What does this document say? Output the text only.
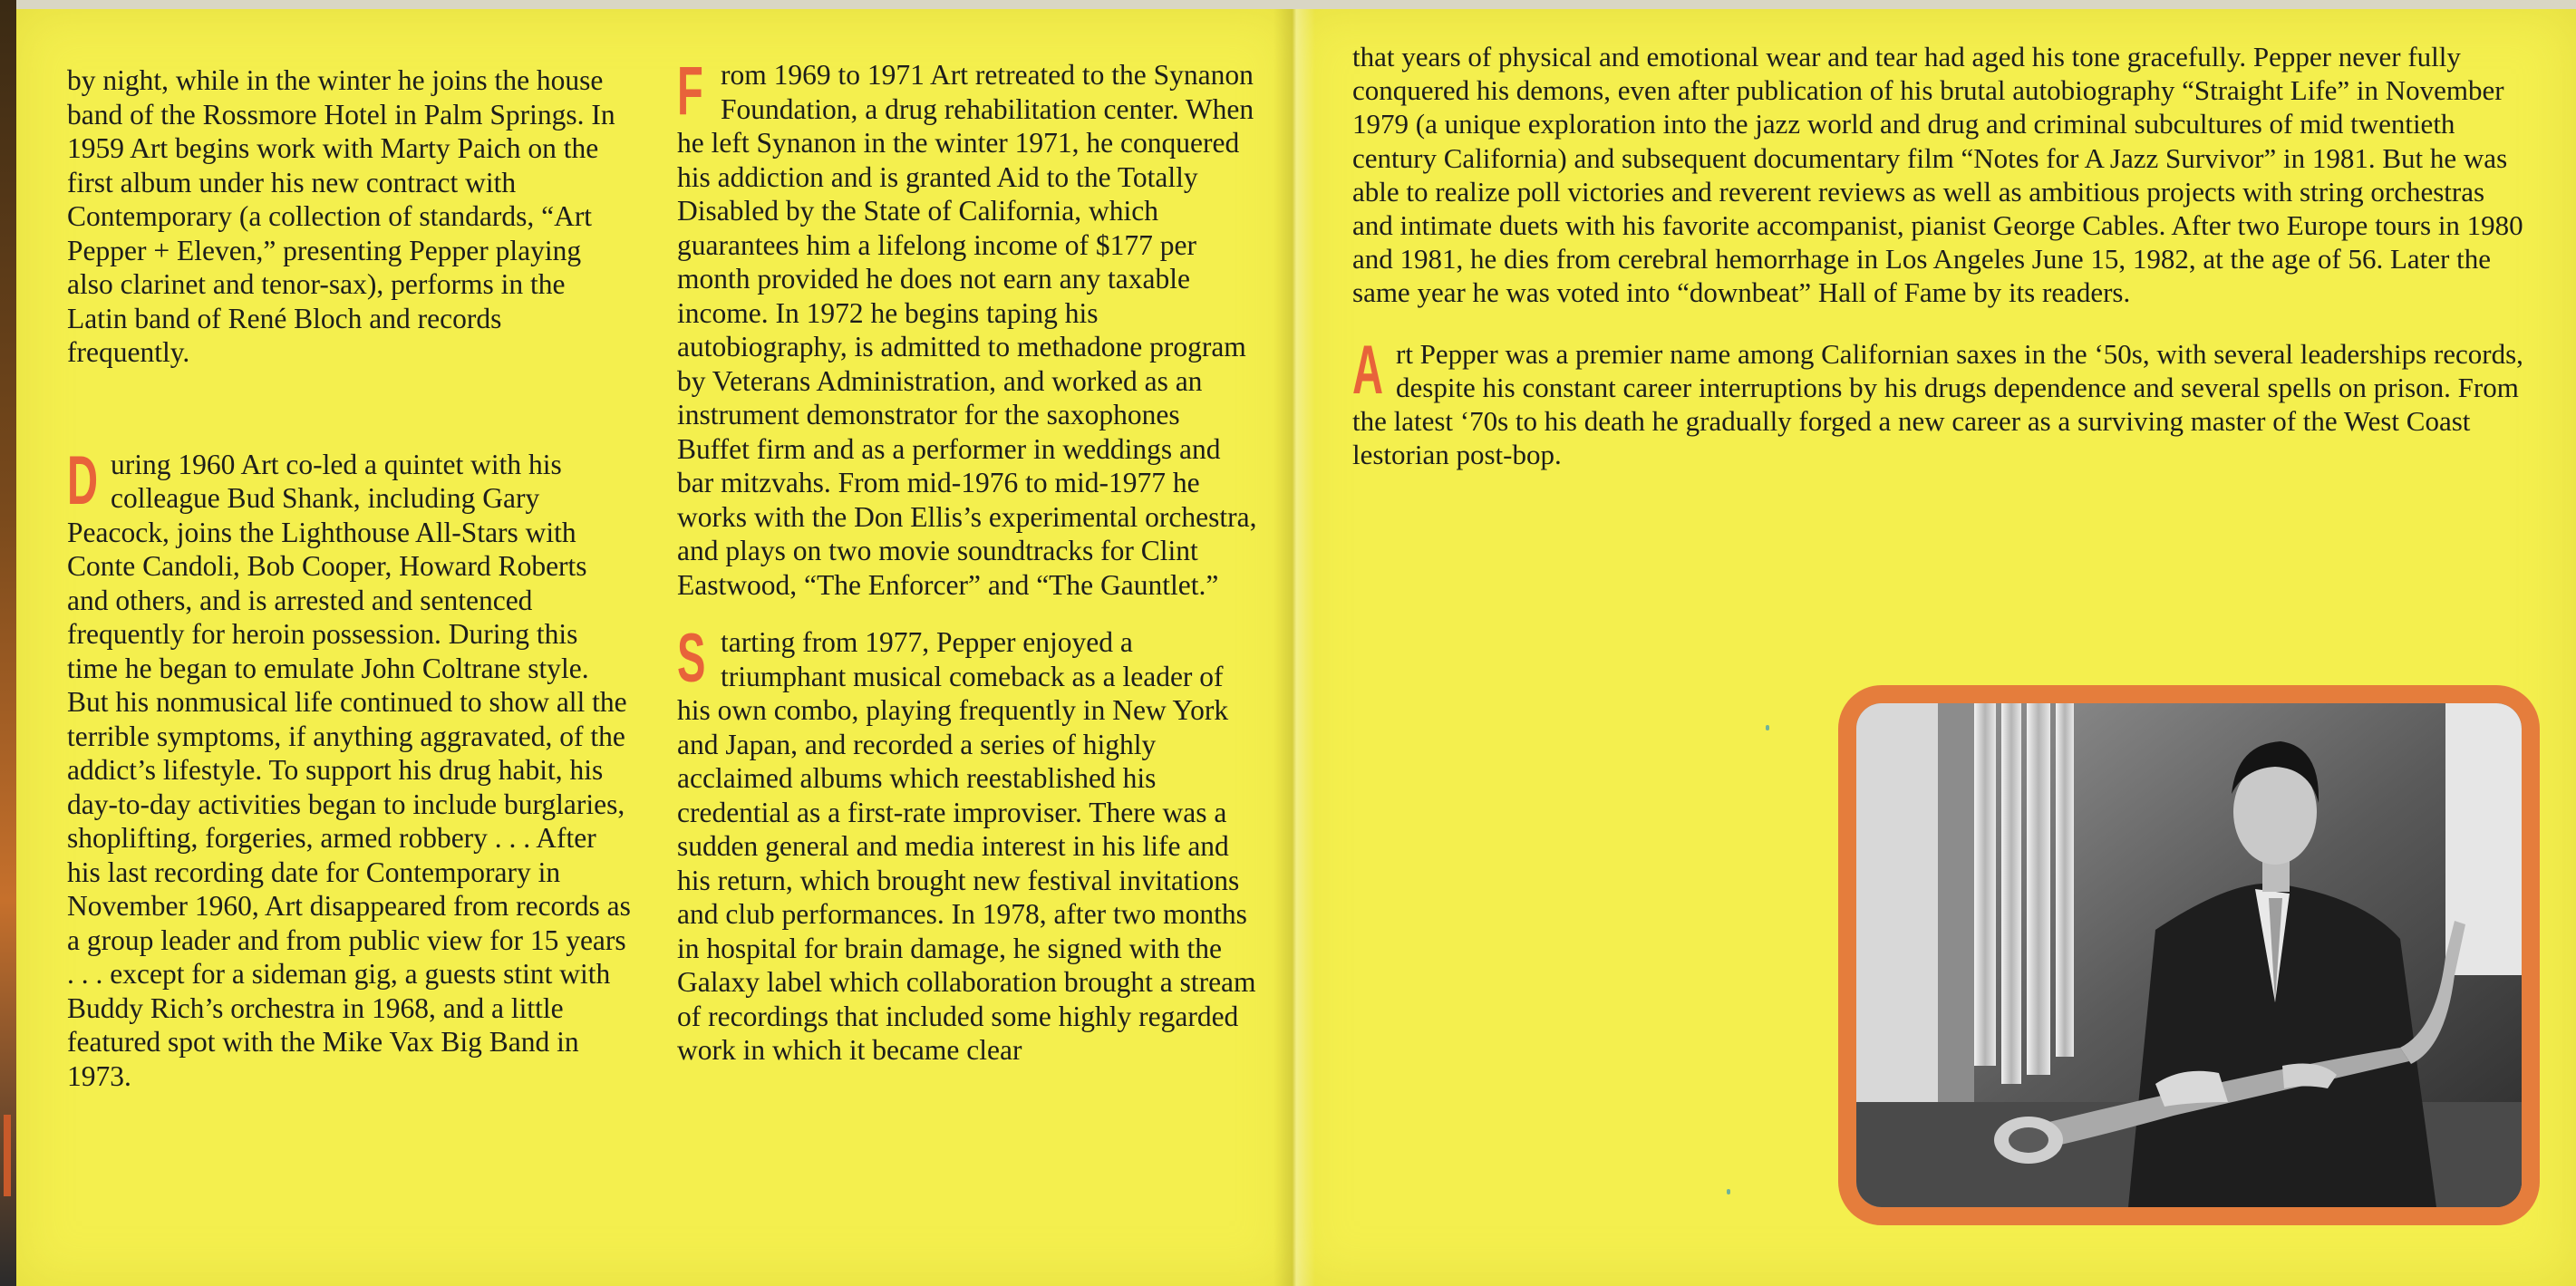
by night, while in the winter he joins the house band of the Rossmore Hotel in Palm Springs. In 1959 Art begins work with Marty Paich on the first album under his new contract with Contemporary (a collection of standards, “Art Pepper + Eleven,” presenting Pepper playing also clarinet and tenor-sax), performs in the Latin band of René Bloch and records frequently.

During 1960 Art co-led a quintet with his colleague Bud Shank, including Gary Peacock, joins the Lighthouse All-Stars with Conte Candoli, Bob Cooper, Howard Roberts and others, and is arrested and sentenced frequently for heroin possession. During this time he began to emulate John Coltrane style. But his nonmusical life continued to show all the terrible symptoms, if anything aggravated, of the addict’s lifestyle. To support his drug habit, his day-to-day activities began to include burglaries, shoplifting, forgeries, armed robbery . . . After his last recording date for Contemporary in November 1960, Art disappeared from records as a group leader and from public view for 15 years . . . except for a sideman gig, a guests stint with Buddy Rich’s orchestra in 1968, and a little featured spot with the Mike Vax Big Band in 1973.

From 1969 to 1971 Art retreated to the Synanon Foundation, a drug rehabilitation center. When he left Synanon in the winter 1971, he conquered his addiction and is granted Aid to the Totally Disabled by the State of California, which guarantees him a lifelong income of $177 per month provided he does not earn any taxable income. In 1972 he begins taping his autobiography, is admitted to methadone program by Veterans Administration, and worked as an instrument demonstrator for the saxophones Buffet firm and as a performer in weddings and bar mitzvahs. From mid-1976 to mid-1977 he works with the Don Ellis’s experimental orchestra, and plays on two movie soundtracks for Clint Eastwood, “The Enforcer” and “The Gauntlet.”

Starting from 1977, Pepper enjoyed a triumphant musical comeback as a leader of his own combo, playing frequently in New York and Japan, and recorded a series of highly acclaimed albums which reestablished his credential as a first-rate improviser. There was a sudden general and media interest in his life and his return, which brought new festival invitations and club performances. In 1978, after two months in hospital for brain damage, he signed with the Galaxy label which collaboration brought a stream of recordings that included some highly regarded work in which it became clear

that years of physical and emotional wear and tear had aged his tone gracefully. Pepper never fully conquered his demons, even after publication of his brutal autobiography “Straight Life” in November 1979 (a unique exploration into the jazz world and drug and criminal subcultures of mid twentieth century California) and subsequent documentary film “Notes for A Jazz Survivor” in 1981. But he was able to realize poll victories and reverent reviews as well as ambitious projects with string orchestras and intimate duets with his favorite accompanist, pianist George Cables. After two Europe tours in 1980 and 1981, he dies from cerebral hemorrhage in Los Angeles June 15, 1982, at the age of 56. Later the same year he was voted into “downbeat” Hall of Fame by its readers.

Art Pepper was a premier name among Californian saxes in the ‘50s, with several leaderships records, despite his constant career interruptions by his drugs dependence and several spells on prison. From the latest ‘70s to his death he gradually forged a new career as a surviving master of the West Coast lestorian post-bop.
